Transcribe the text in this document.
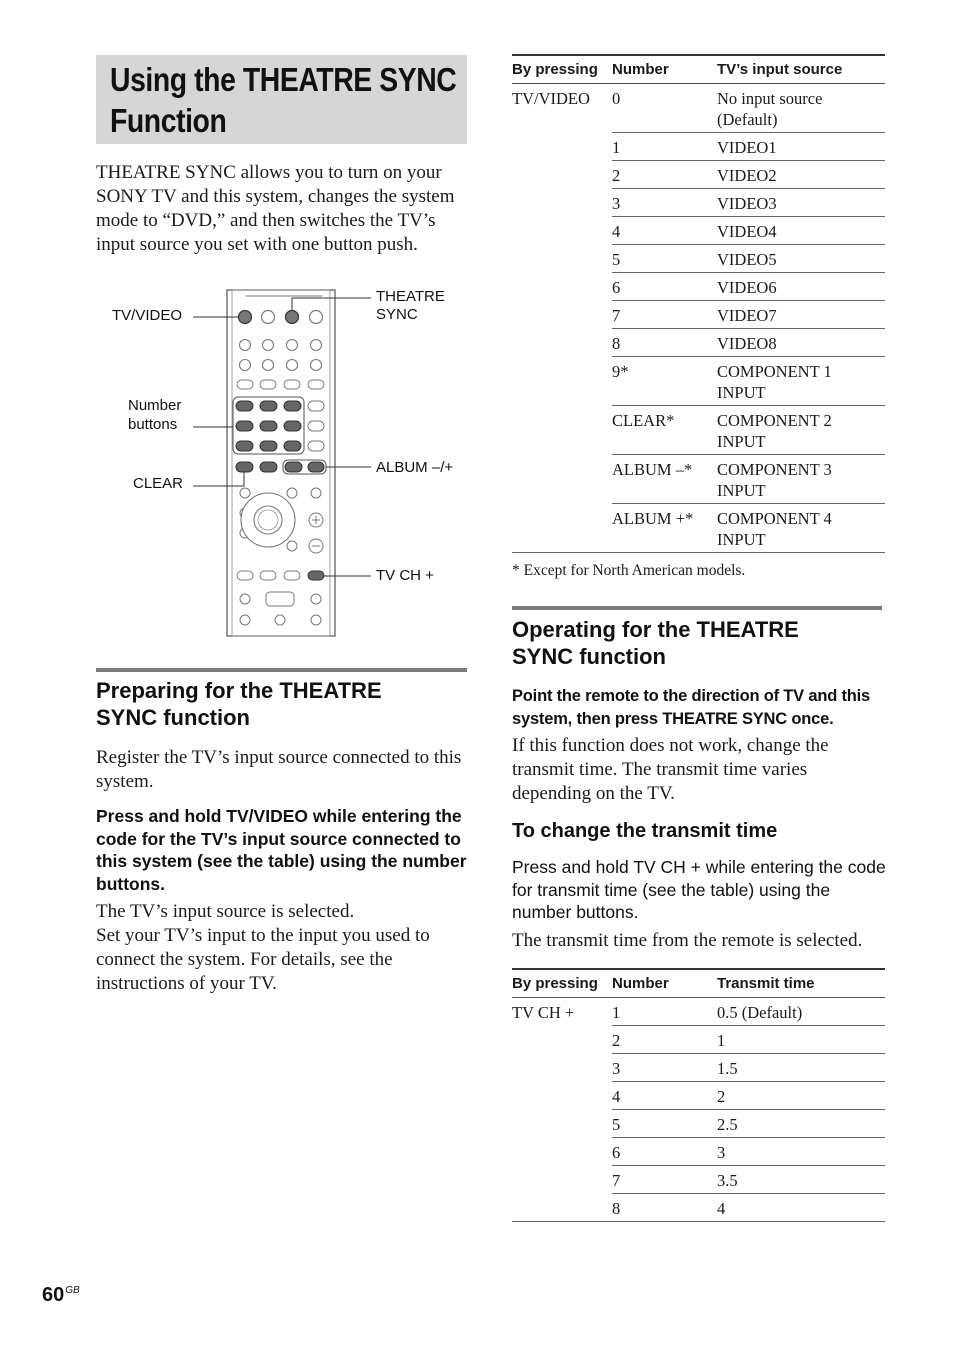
Using the THEATRE SYNC
Function

THEATRE SYNC allows you to turn on your SONY TV and this system, changes the system mode to “DVD,” and then switches the TV’s input source you set with one button push.

TV/VIDEO
THEATRE
SYNC
Number
buttons
CLEAR
ALBUM –/+
TV CH +
Preparing for the THEATRE
SYNC function

Register the TV’s input source connected to this system.

Press and hold TV/VIDEO while entering the code for the TV’s input source connected to this system (see the table) using the number buttons.

The TV’s input source is selected.

Set your TV’s input to the input you used to connect the system. For details, see the instructions of your TV.

By pressing	Number	TV’s input source
TV/VIDEO	0	No input source
(Default)
	1	VIDEO1
	2	VIDEO2
	3	VIDEO3
	4	VIDEO4
	5	VIDEO5
	6	VIDEO6
	7	VIDEO7
	8	VIDEO8
	9*	COMPONENT 1
INPUT
	CLEAR*	COMPONENT 2
INPUT
	ALBUM –*	COMPONENT 3
INPUT
	ALBUM +*	COMPONENT 4
INPUT
* Except for North American models.
Operating for the THEATRE
SYNC function
Point the remote to the direction of TV and this system, then press THEATRE SYNC once.

If this function does not work, change the transmit time. The transmit time varies depending on the TV.

To change the transmit time
Press and hold TV CH + while entering the code for transmit time (see the table) using the number buttons.

The transmit time from the remote is selected.

By pressing	Number	Transmit time
TV CH +	1	0.5 (Default)
	2	1
	3	1.5
	4	2
	5	2.5
	6	3
	7	3.5
	8	4
$60^{GB}$
